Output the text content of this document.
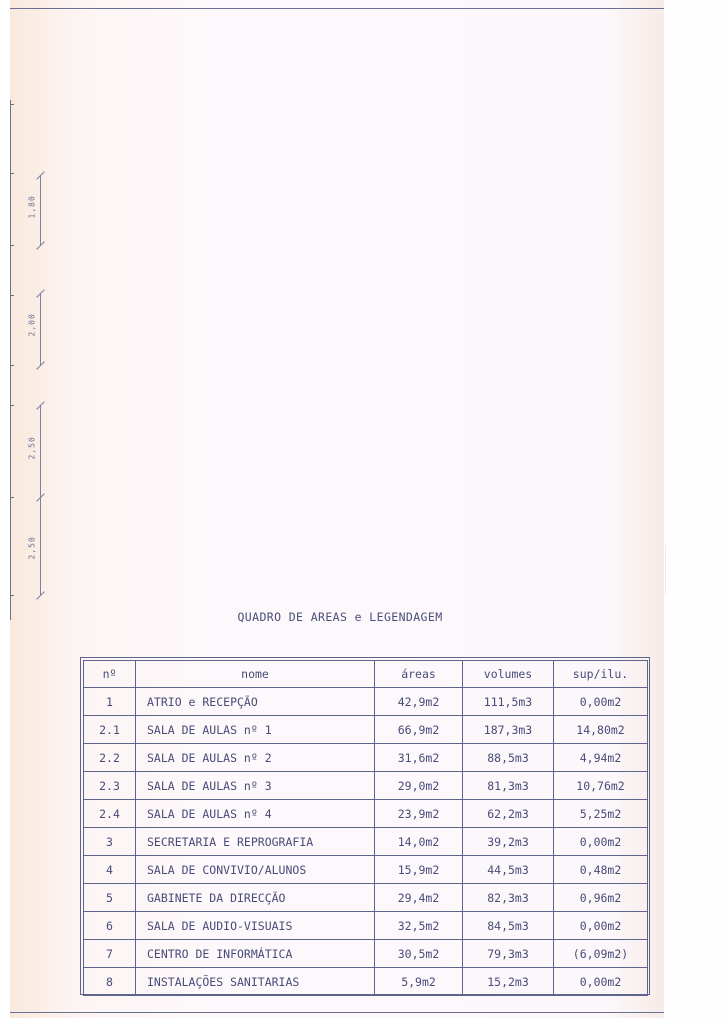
1,80
2,00
2,50
2,50
QUADRO DE AREAS e LEGENDAGEM
nº	nome	áreas	volumes	sup/ilu.
1	ATRIO e RECEPÇÃO	42,9m2	111,5m3	0,00m2
2.1	SALA DE AULAS nº 1	66,9m2	187,3m3	14,80m2
2.2	SALA DE AULAS nº 2	31,6m2	88,5m3	4,94m2
2.3	SALA DE AULAS nº 3	29,0m2	81,3m3	10,76m2
2.4	SALA DE AULAS nº 4	23,9m2	62,2m3	5,25m2
3	SECRETARIA E REPROGRAFIA	14,0m2	39,2m3	0,00m2
4	SALA DE CONVIVIO/ALUNOS	15,9m2	44,5m3	0,48m2
5	GABINETE DA DIRECÇÃO	29,4m2	82,3m3	0,96m2
6	SALA DE AUDIO-VISUAIS	32,5m2	84,5m3	0,00m2
7	CENTRO DE INFORMÁTICA	30,5m2	79,3m3	(6,09m2)
8	INSTALAÇÕES SANITARIAS	5,9m2	15,2m3	0,00m2
